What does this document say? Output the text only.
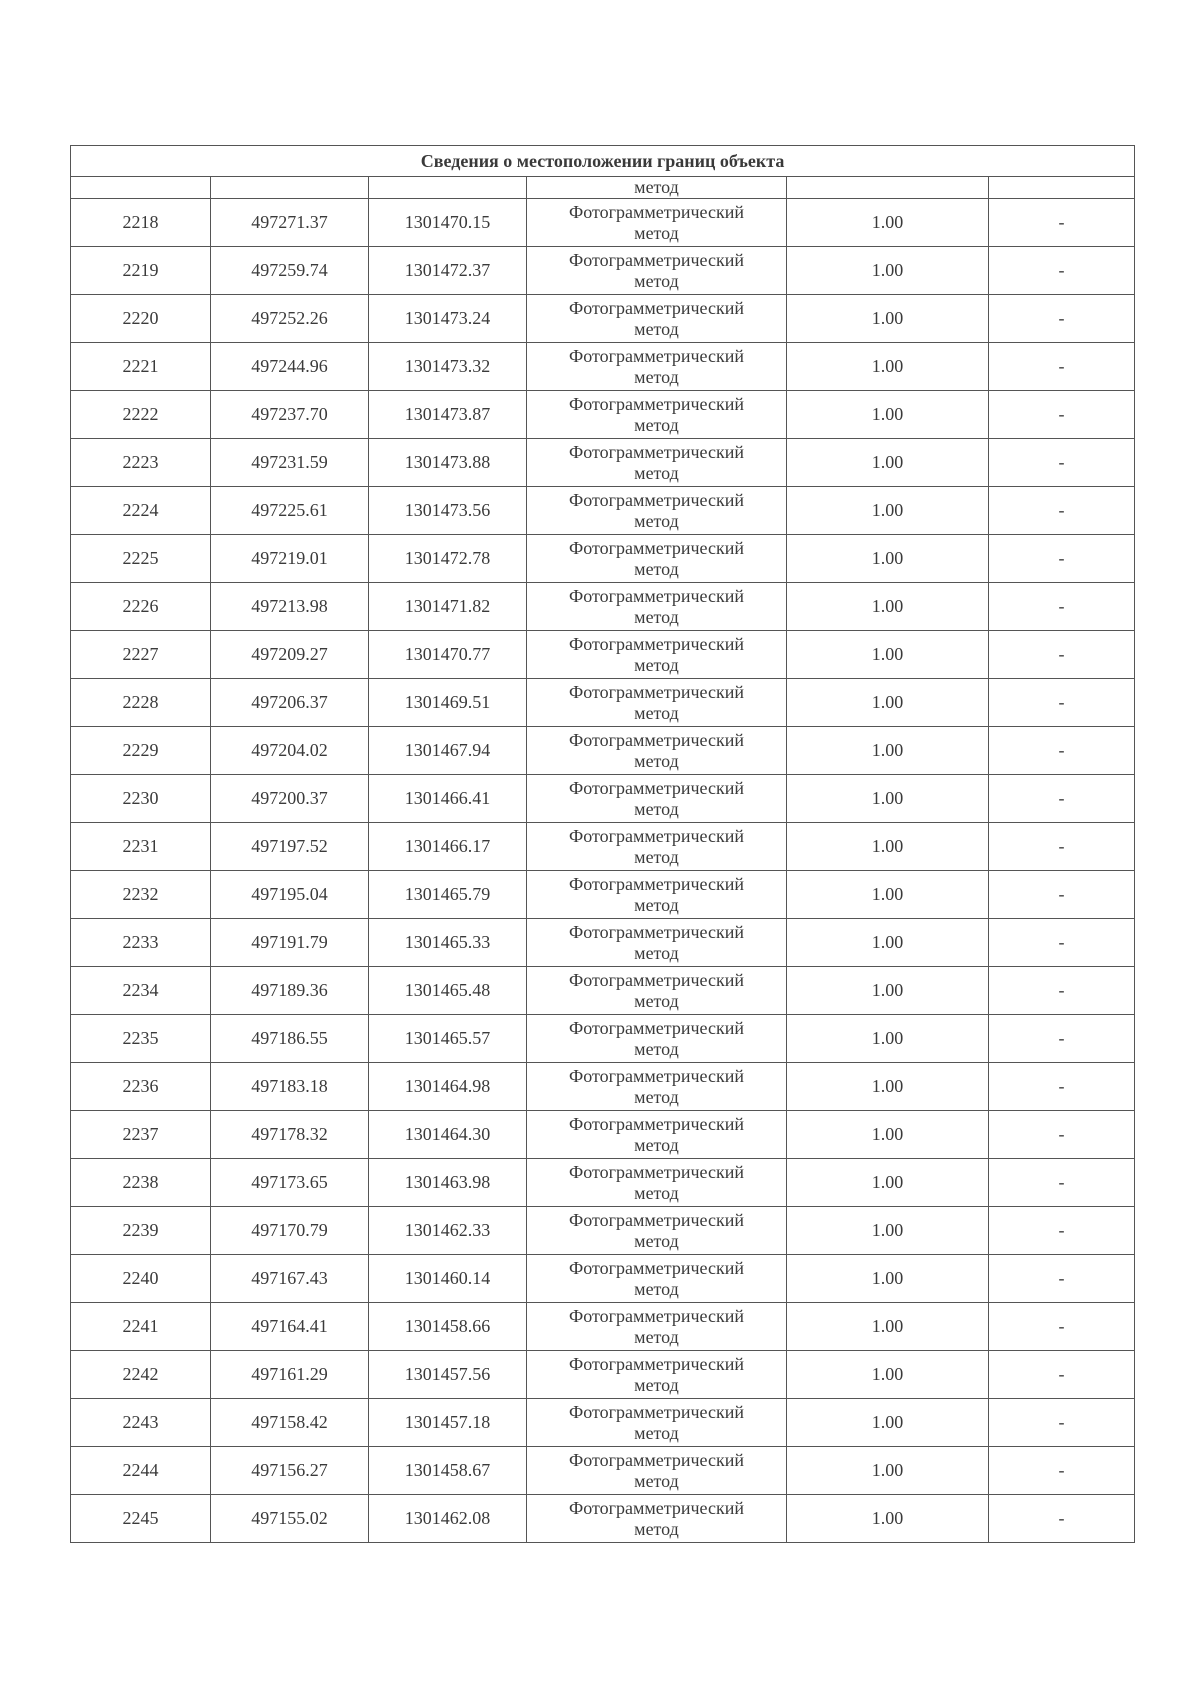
Сведения о местоположении границ объекта					
			метод		
2218	497271.37	1301470.15	Фотограмметрический
метод	1.00	-
2219	497259.74	1301472.37	Фотограмметрический
метод	1.00	-
2220	497252.26	1301473.24	Фотограмметрический
метод	1.00	-
2221	497244.96	1301473.32	Фотограмметрический
метод	1.00	-
2222	497237.70	1301473.87	Фотограмметрический
метод	1.00	-
2223	497231.59	1301473.88	Фотограмметрический
метод	1.00	-
2224	497225.61	1301473.56	Фотограмметрический
метод	1.00	-
2225	497219.01	1301472.78	Фотограмметрический
метод	1.00	-
2226	497213.98	1301471.82	Фотограмметрический
метод	1.00	-
2227	497209.27	1301470.77	Фотограмметрический
метод	1.00	-
2228	497206.37	1301469.51	Фотограмметрический
метод	1.00	-
2229	497204.02	1301467.94	Фотограмметрический
метод	1.00	-
2230	497200.37	1301466.41	Фотограмметрический
метод	1.00	-
2231	497197.52	1301466.17	Фотограмметрический
метод	1.00	-
2232	497195.04	1301465.79	Фотограмметрический
метод	1.00	-
2233	497191.79	1301465.33	Фотограмметрический
метод	1.00	-
2234	497189.36	1301465.48	Фотограмметрический
метод	1.00	-
2235	497186.55	1301465.57	Фотограмметрический
метод	1.00	-
2236	497183.18	1301464.98	Фотограмметрический
метод	1.00	-
2237	497178.32	1301464.30	Фотограмметрический
метод	1.00	-
2238	497173.65	1301463.98	Фотограмметрический
метод	1.00	-
2239	497170.79	1301462.33	Фотограмметрический
метод	1.00	-
2240	497167.43	1301460.14	Фотограмметрический
метод	1.00	-
2241	497164.41	1301458.66	Фотограмметрический
метод	1.00	-
2242	497161.29	1301457.56	Фотограмметрический
метод	1.00	-
2243	497158.42	1301457.18	Фотограмметрический
метод	1.00	-
2244	497156.27	1301458.67	Фотограмметрический
метод	1.00	-
2245	497155.02	1301462.08	Фотограмметрический
метод	1.00	-
